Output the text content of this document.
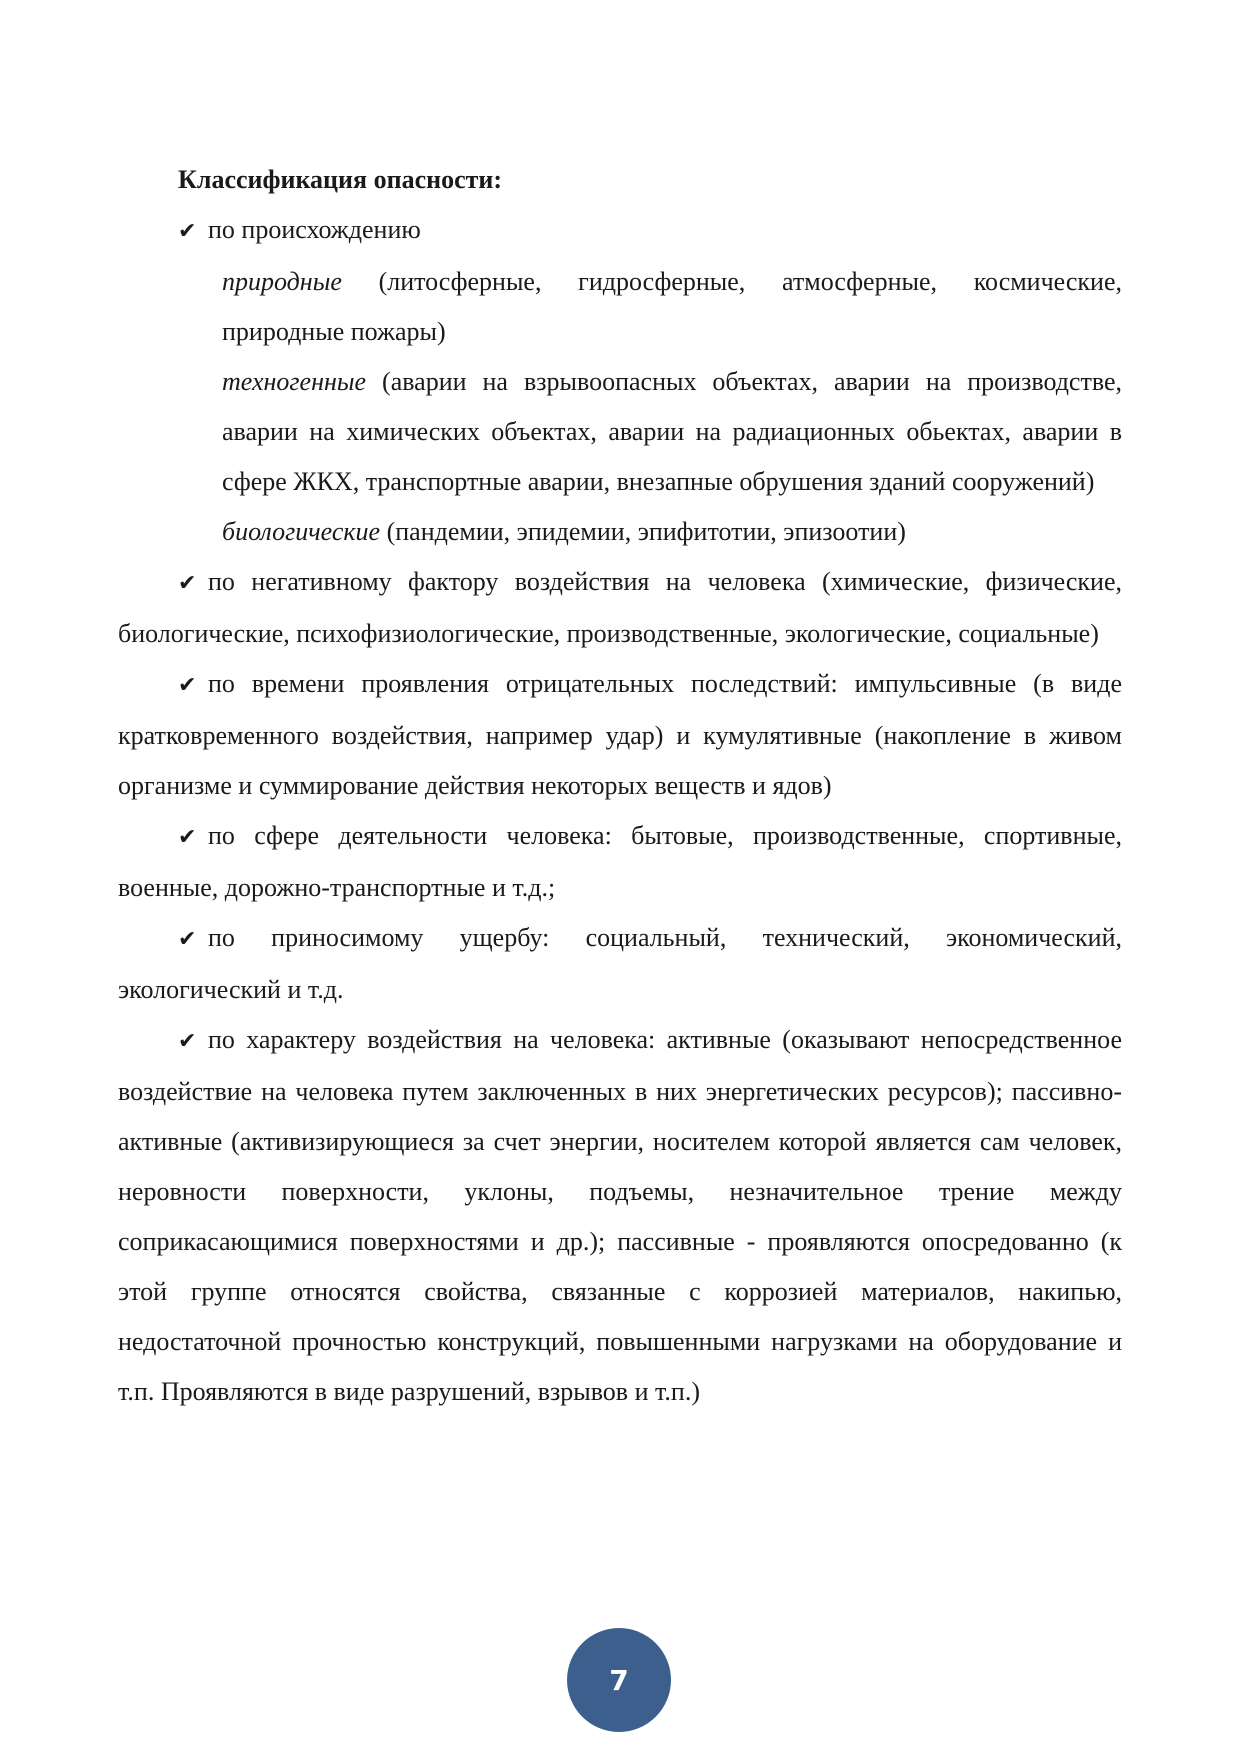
Классификация опасности:

✔ по происхождению

природные (литосферные, гидросферные, атмосферные, космические, природные пожары)

техногенные (аварии на взрывоопасных объектах, аварии на производстве, аварии на химических объектах, аварии на радиационных обьектах, аварии в сфере ЖКХ, транспортные аварии, внезапные обрушения зданий сооружений)

биологические (пандемии, эпидемии, эпифитотии, эпизоотии)

✔ по негативному фактору воздействия на человека (химические, физические, биологические, психофизиологические, производственные, экологические, социальные)

✔ по времени проявления отрицательных последствий: импульсивные (в виде кратковременного воздействия, например удар) и кумулятивные (накопление в живом организме и суммирование действия некоторых веществ и ядов)

✔ по сфере деятельности человека: бытовые, производственные, спортивные, военные, дорожно-транспортные и т.д.;

✔ по приносимому ущербу: социальный, технический, экономический, экологический и т.д.

✔ по характеру воздействия на человека: активные (оказывают непосредственное воздействие на человека путем заключенных в них энергетических ресурсов); пассивно-активные (активизирующиеся за счет энергии, носителем которой является сам человек, неровности поверхности, уклоны, подъемы, незначительное трение между соприкасающимися поверхностями и др.); пассивные - проявляются опосредованно (к этой группе относятся свойства, связанные с коррозией материалов, накипью, недостаточной прочностью конструкций, повышенными нагрузками на оборудование и т.п. Проявляются в виде разрушений, взрывов и т.п.)

7
